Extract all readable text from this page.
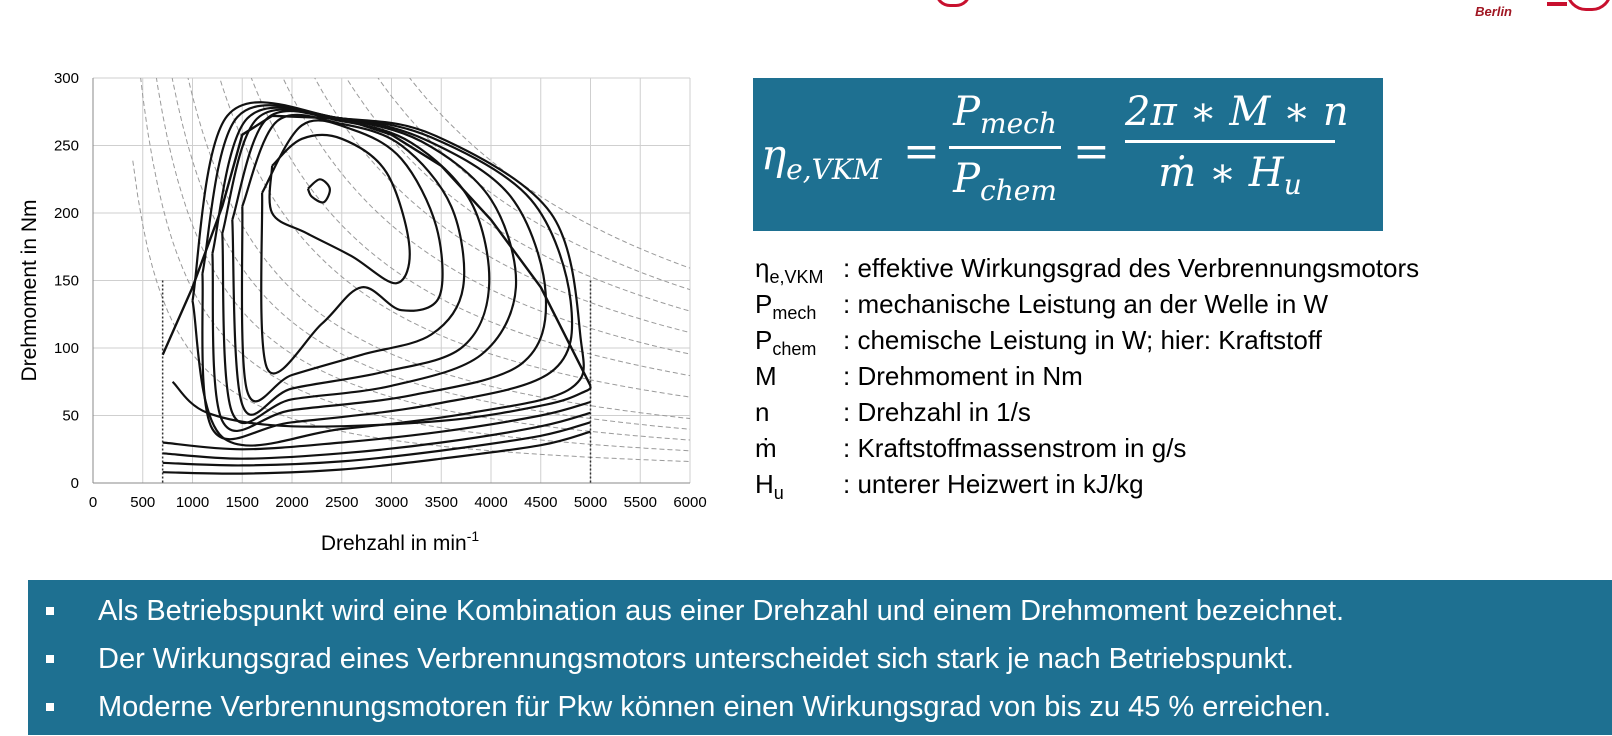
Berlin
0 500 1000 1500 2000 2500 3000 3500 4000 4500 5000 5500 6000
0
50
100
150
200
250
300
Drehzahl in $\min^{-1}$
Drehmoment in Nm
$\eta_{e,VKM}$ =
$P_{mech}$
$P_{chem}$
=
2π ∗ M ∗ n
ṁ ∗ $H_u$
$\eta_{e,VKM}$ : effektive Wirkungsgrad des Verbrennungsmotors
$P_{mech}$ : mechanische Leistung an der Welle in W
$P_{chem}$ : chemische Leistung in W; hier: Kraftstoff
M	: Drehmoment in Nm
n	: Drehzahl in 1/s
ṁ	: Kraftstoffmassenstrom in g/s
$H_u$ : unterer Heizwert in kJ/kg
Als Betriebspunkt wird eine Kombination aus einer Drehzahl und einem Drehmoment bezeichnet.
Der Wirkungsgrad eines Verbrennungsmotors unterscheidet sich stark je nach Betriebspunkt.
Moderne Verbrennungsmotoren für Pkw können einen Wirkungsgrad von bis zu 45 % erreichen.
